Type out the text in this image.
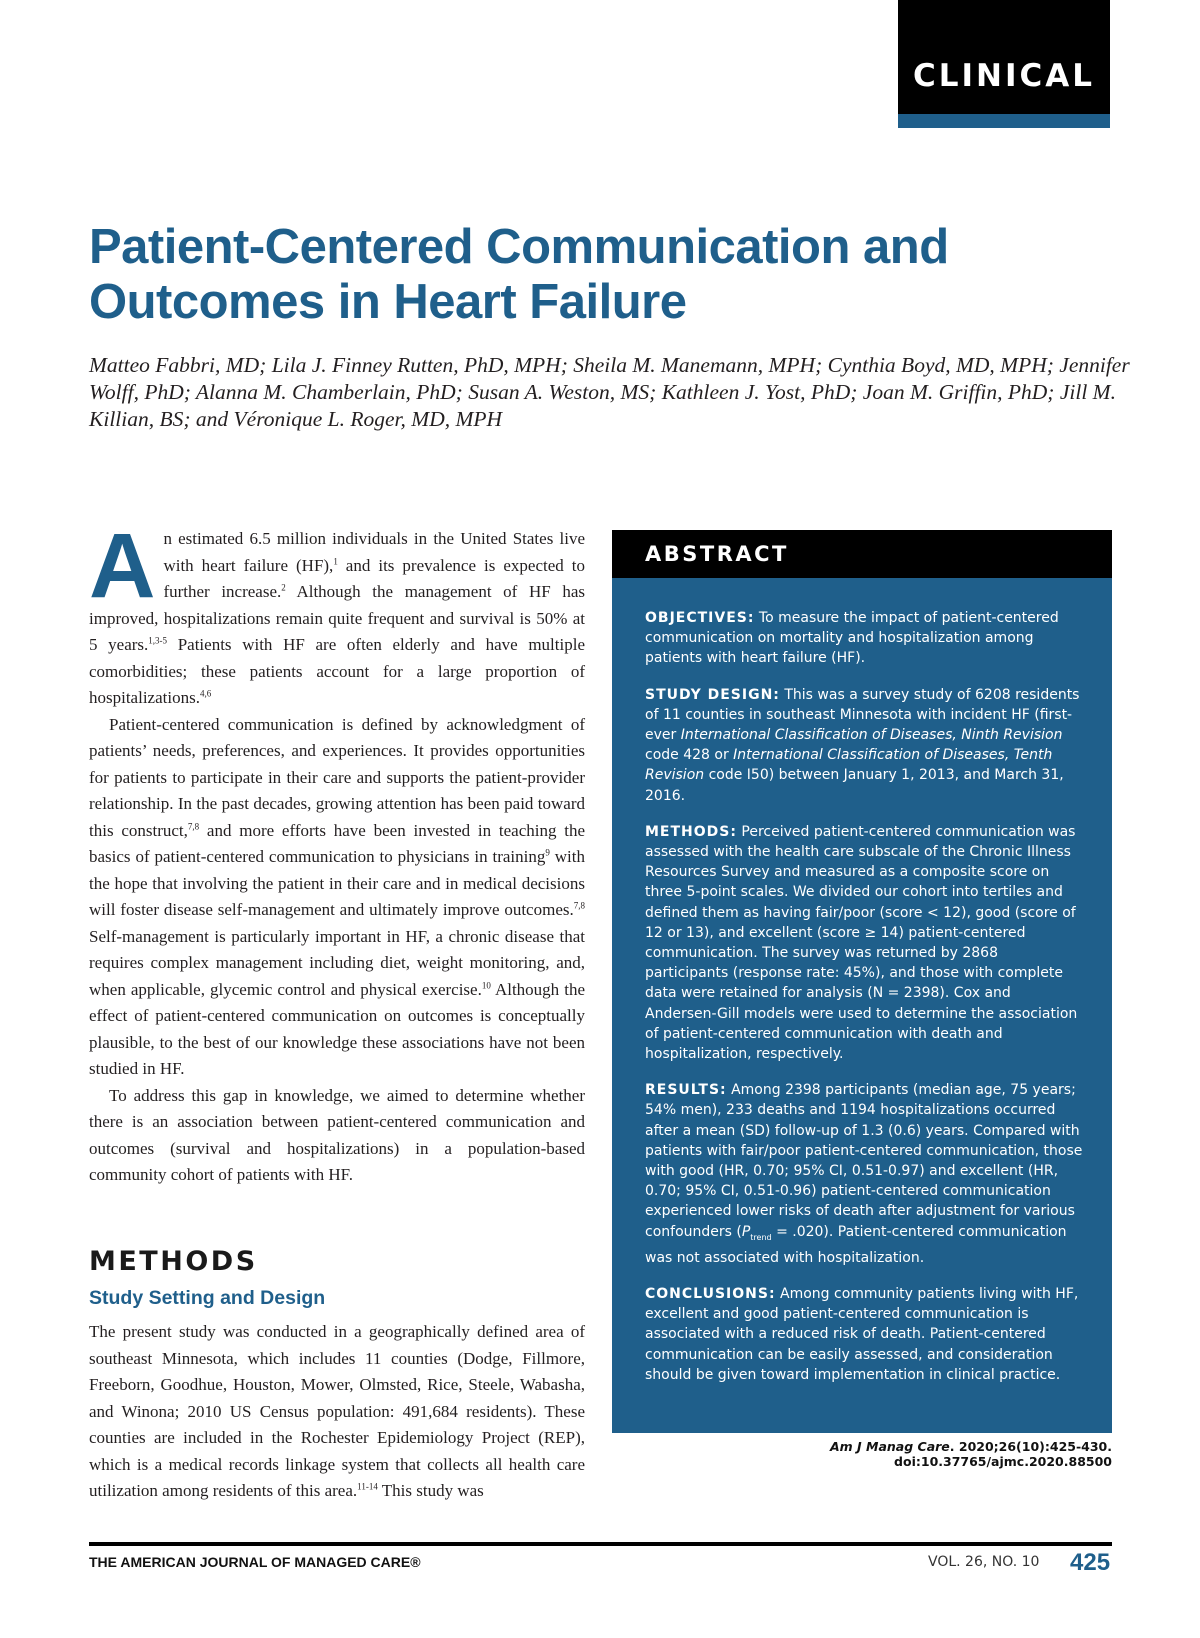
CLINICAL
Patient-Centered Communication and Outcomes in Heart Failure

Matteo Fabbri, MD; Lila J. Finney Rutten, PhD, MPH; Sheila M. Manemann, MPH; Cynthia Boyd, MD, MPH; Jennifer Wolff, PhD; Alanna M. Chamberlain, PhD; Susan A. Weston, MS; Kathleen J. Yost, PhD; Joan M. Griffin, PhD; Jill M. Killian, BS; and Véronique L. Roger, MD, MPH

A n estimated 6.5 million individuals in the United States live with heart failure (HF),$^1$ and its prevalence is expected to further increase.$^2$ Although the management of HF has improved, hospitalizations remain quite frequent and survival is 50% at 5 years.$^{1,3-5}$ Patients with HF are often elderly and have multiple comorbidities; these patients account for a large proportion of hospitalizations.$^{4,6}$

Patient-centered communication is defined by acknowledgment of patients’ needs, preferences, and experiences. It provides opportunities for patients to participate in their care and supports the patient-provider relationship. In the past decades, growing attention has been paid toward this construct,$^{7,8}$ and more efforts have been invested in teaching the basics of patient-centered communication to physicians in training$^9$ with the hope that involving the patient in their care and in medical decisions will foster disease self-management and ultimately improve outcomes.$^{7,8}$ Self-management is particularly important in HF, a chronic disease that requires complex management including diet, weight monitoring, and, when applicable, glycemic control and physical exercise.$^{10}$ Although the effect of patient-centered communication on outcomes is conceptually plausible, to the best of our knowledge these associations have not been studied in HF.

To address this gap in knowledge, we aimed to determine whether there is an association between patient-centered communication and outcomes (survival and hospitalizations) in a population-based community cohort of patients with HF.

METHODS
Study Setting and Design

The present study was conducted in a geographically defined area of southeast Minnesota, which includes 11 counties (Dodge, Fillmore, Freeborn, Goodhue, Houston, Mower, Olmsted, Rice, Steele, Wabasha, and Winona; 2010 US Census population: 491,684 residents). These counties are included in the Rochester Epidemiology Project (REP), which is a medical records linkage system that collects all health care utilization among residents of this area.$^{11-14}$ This study was

ABSTRACT

OBJECTIVES: To measure the impact of patient-centered communication on mortality and hospitalization among patients with heart failure (HF).

STUDY DESIGN: This was a survey study of 6208 residents of 11 counties in southeast Minnesota with incident HF (first-ever International Classification of Diseases, Ninth Revision code 428 or International Classification of Diseases, Tenth Revision code I50) between January 1, 2013, and March 31, 2016.

METHODS: Perceived patient-centered communication was assessed with the health care subscale of the Chronic Illness Resources Survey and measured as a composite score on three 5-point scales. We divided our cohort into tertiles and defined them as having fair/poor (score < 12), good (score of 12 or 13), and excellent (score ≥ 14) patient-centered communication. The survey was returned by 2868 participants (response rate: 45%), and those with complete data were retained for analysis (N = 2398). Cox and Andersen-Gill models were used to determine the association of patient-centered communication with death and hospitalization, respectively.

RESULTS: Among 2398 participants (median age, 75 years; 54% men), 233 deaths and 1194 hospitalizations occurred after a mean (SD) follow-up of 1.3 (0.6) years. Compared with patients with fair/poor patient-centered communication, those with good (HR, 0.70; 95% CI, 0.51-0.97) and excellent (HR, 0.70; 95% CI, 0.51-0.96) patient-centered communication experienced lower risks of death after adjustment for various confounders $(P_{trend} = .020)$. Patient-centered communication was not associated with hospitalization.

CONCLUSIONS: Among community patients living with HF, excellent and good patient-centered communication is associated with a reduced risk of death. Patient-centered communication can be easily assessed, and consideration should be given toward implementation in clinical practice.

Am J Manag Care. 2020;26(10):425-430. doi:10.37765/ajmc.2020.88500
THE AMERICAN JOURNAL OF MANAGED CARE®	VOL. 26, NO. 10 425
